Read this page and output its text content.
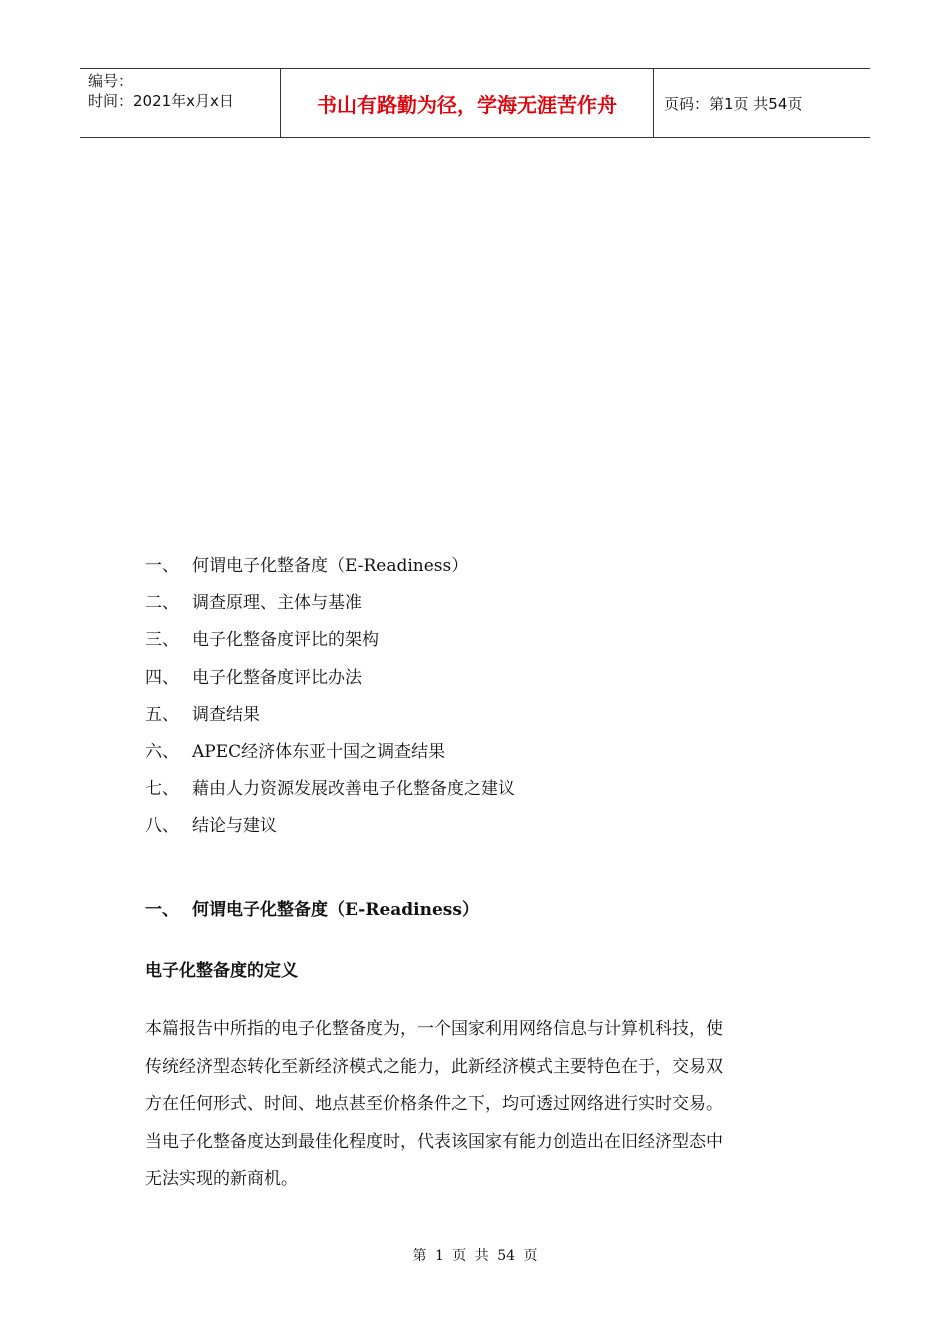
编号：
时间：2021年x月x日	书山有路勤为径，学海无涯苦作舟	页码：第1页 共54页
一、 何谓电子化整备度（E-Readiness）
二、 调查原理、主体与基准
三、 电子化整备度评比的架构
四、 电子化整备度评比办法
五、 调查结果
六、 APEC经济体东亚十国之调查结果
七、 藉由人力资源发展改善电子化整备度之建议
八、 结论与建议
一、 何谓电子化整备度（E-Readiness）
电子化整备度的定义

本篇报告中所指的电子化整备度为，一个国家利用网络信息与计算机科技，使
传统经济型态转化至新经济模式之能力，此新经济模式主要特色在于，交易双
方在任何形式、时间、地点甚至价格条件之下，均可透过网络进行实时交易。
当电子化整备度达到最佳化程度时，代表该国家有能力创造出在旧经济型态中
无法实现的新商机。

第 1 页 共 54 页
